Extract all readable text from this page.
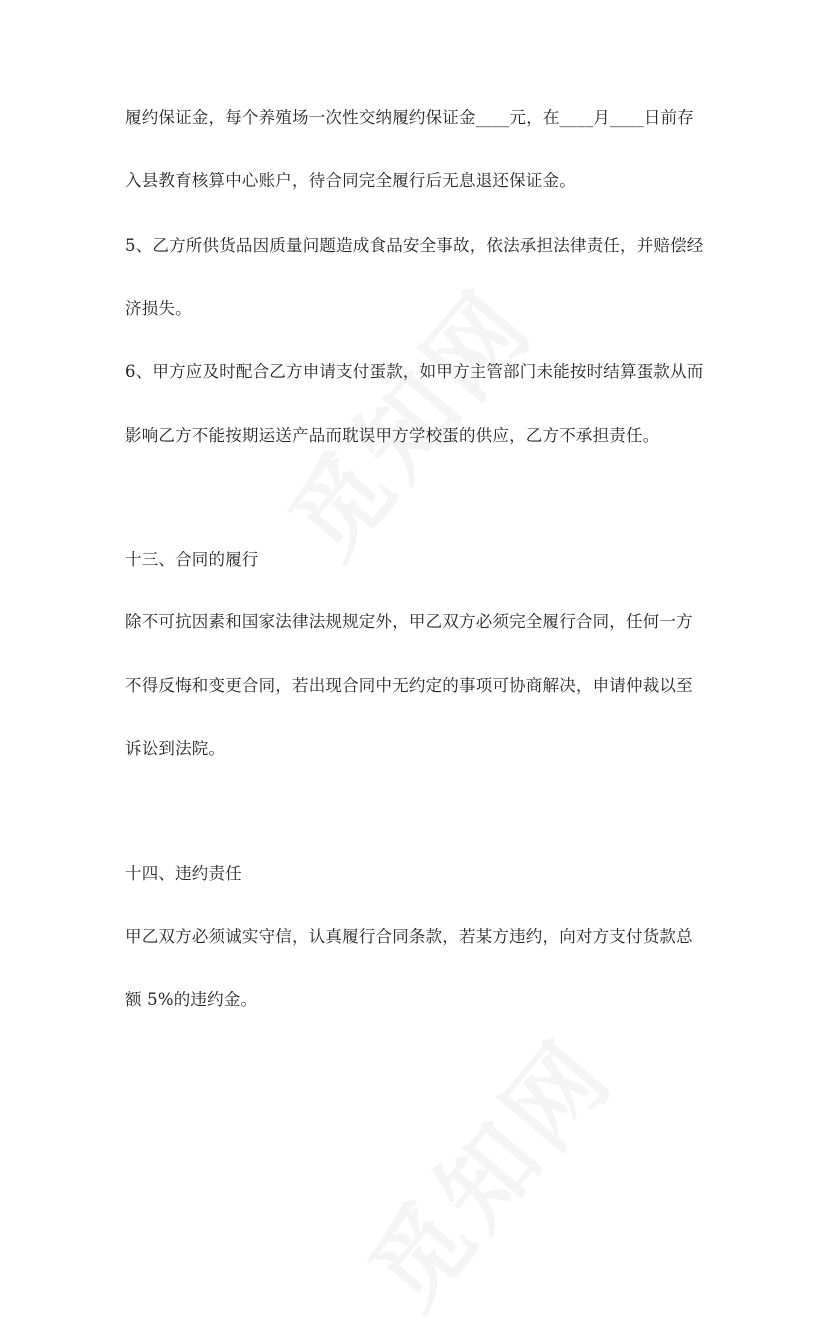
履约保证金，每个养殖场一次性交纳履约保证金____元，在____月____日前存
入县教育核算中心账户，待合同完全履行后无息退还保证金。
5、乙方所供货品因质量问题造成食品安全事故，依法承担法律责任，并赔偿经
济损失。
6、甲方应及时配合乙方申请支付蛋款，如甲方主管部门未能按时结算蛋款从而
影响乙方不能按期运送产品而耽误甲方学校蛋的供应，乙方不承担责任。
十三、合同的履行
除不可抗因素和国家法律法规规定外，甲乙双方必须完全履行合同，任何一方
不得反悔和变更合同，若出现合同中无约定的事项可协商解决，申请仲裁以至
诉讼到法院。
十四、违约责任
甲乙双方必须诚实守信，认真履行合同条款，若某方违约，向对方支付货款总
额 5%的违约金。
